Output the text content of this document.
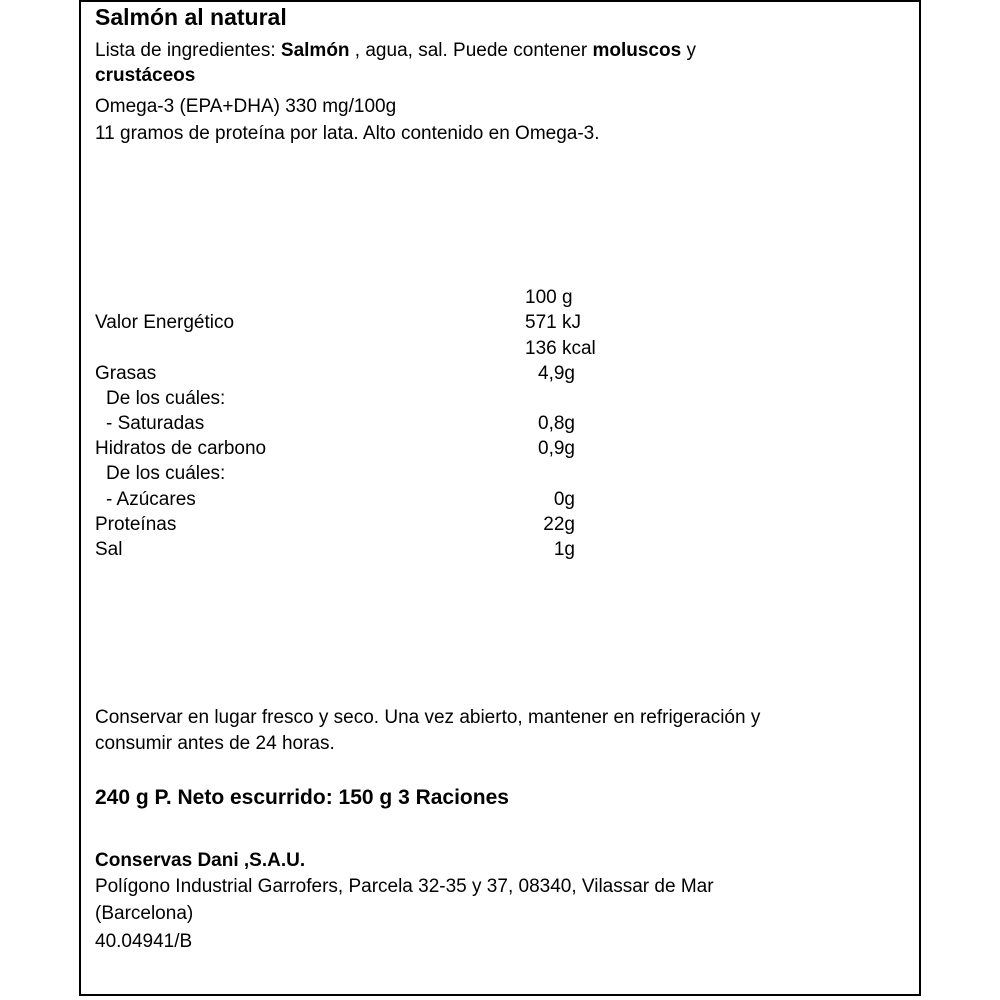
Salmón al natural
Lista de ingredientes: Salmón , agua, sal. Puede contener moluscos y
crustáceos
Omega-3 (EPA+DHA) 330 mg/100g
11 gramos de proteína por lata. Alto contenido en Omega-3.
100 g
Valor Energético	571 kJ
136 kcal
Grasas	4,9g
De los cuáles:
- Saturadas	0,8g
Hidratos de carbono	0,9g
De los cuáles:
- Azúcares	0g
Proteínas	22g
Sal	1g
Conservar en lugar fresco y seco. Una vez abierto, mantener en refrigeración y
consumir antes de 24 horas.
240 g P. Neto escurrido: 150 g 3 Raciones
Conservas Dani ,S.A.U.
Polígono Industrial Garrofers, Parcela 32-35 y 37, 08340, Vilassar de Mar
(Barcelona)
40.04941/B
